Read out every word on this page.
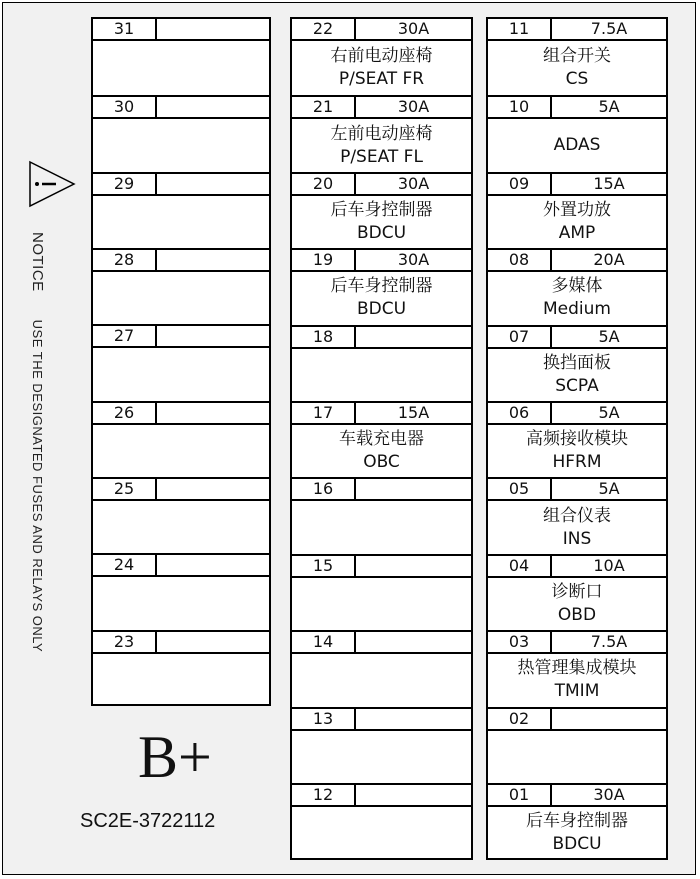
NOTICEUSE THE DESIGNATED FUSES AND RELAYS ONLY
31
30
29
28
27
26
25
24
23
22	30A
右前电动座椅
P/SEAT FR
21	30A
左前电动座椅
P/SEAT FL
20	30A
后车身控制器
BDCU
19	30A
后车身控制器
BDCU
18
17	15A
车载充电器
OBC
16
15
14
13
12
11	7.5A
组合开关
CS
10	5A
ADAS
09	15A
外置功放
AMP
08	20A
多媒体
Medium
07	5A
换挡面板
SCPA
06	5A
高频接收模块
HFRM
05	5A
组合仪表
INS
04	10A
诊断口
OBD
03	7.5A
热管理集成模块
TMIM
02
01	30A
后车身控制器
BDCU
B+
SC2E-3722112
